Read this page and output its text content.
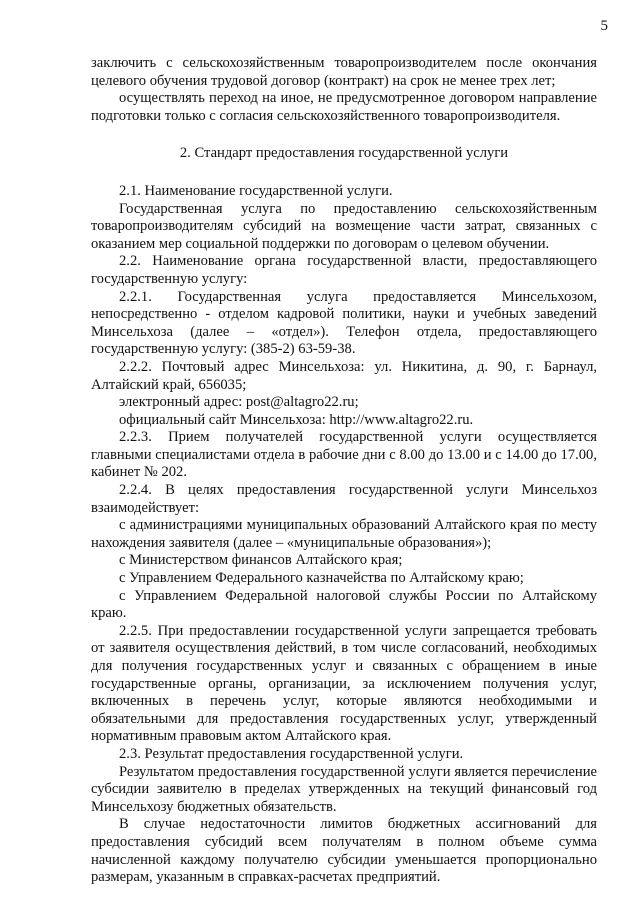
5

заключить с сельскохозяйственным товаропроизводителем после окончания целевого обучения трудовой договор (контракт) на срок не менее трех лет;

осуществлять переход на иное, не предусмотренное договором направление подготовки только с согласия сельскохозяйственного товаропроизводителя.

2. Стандарт предоставления государственной услуги

2.1. Наименование государственной услуги.

Государственная услуга по предоставлению сельскохозяйственным товаропроизводителям субсидий на возмещение части затрат, связанных с оказанием мер социальной поддержки по договорам о целевом обучении.

2.2. Наименование органа государственной власти, предоставляющего государственную услугу:

2.2.1. Государственная услуга предоставляется Минсельхозом, непосредственно - отделом кадровой политики, науки и учебных заведений Минсельхоза (далее – «отдел»). Телефон отдела, предоставляющего государственную услугу: (385-2) 63-59-38.

2.2.2. Почтовый адрес Минсельхоза: ул. Никитина, д. 90, г. Барнаул, Алтайский край, 656035;

электронный адрес: post@altagro22.ru;

официальный сайт Минсельхоза: http://www.altagro22.ru.

2.2.3. Прием получателей государственной услуги осуществляется главными специалистами отдела в рабочие дни с 8.00 до 13.00 и с 14.00 до 17.00, кабинет № 202.

2.2.4. В целях предоставления государственной услуги Минсельхоз взаимодействует:

с администрациями муниципальных образований Алтайского края по месту нахождения заявителя (далее – «муниципальные образования»);

с Министерством финансов Алтайского края;

с Управлением Федерального казначейства по Алтайскому краю;

с Управлением Федеральной налоговой службы России по Алтайскому краю.

2.2.5. При предоставлении государственной услуги запрещается требовать от заявителя осуществления действий, в том числе согласований, необходимых для получения государственных услуг и связанных с обращением в иные государственные органы, организации, за исключением получения услуг, включенных в перечень услуг, которые являются необходимыми и обязательными для предоставления государственных услуг, утвержденный нормативным правовым актом Алтайского края.

2.3. Результат предоставления государственной услуги.

Результатом предоставления государственной услуги является перечисление субсидии заявителю в пределах утвержденных на текущий финансовый год Минсельхозу бюджетных обязательств.

В случае недостаточности лимитов бюджетных ассигнований для предоставления субсидий всем получателям в полном объеме сумма начисленной каждому получателю субсидии уменьшается пропорционально размерам, указанным в справках-расчетах предприятий.
